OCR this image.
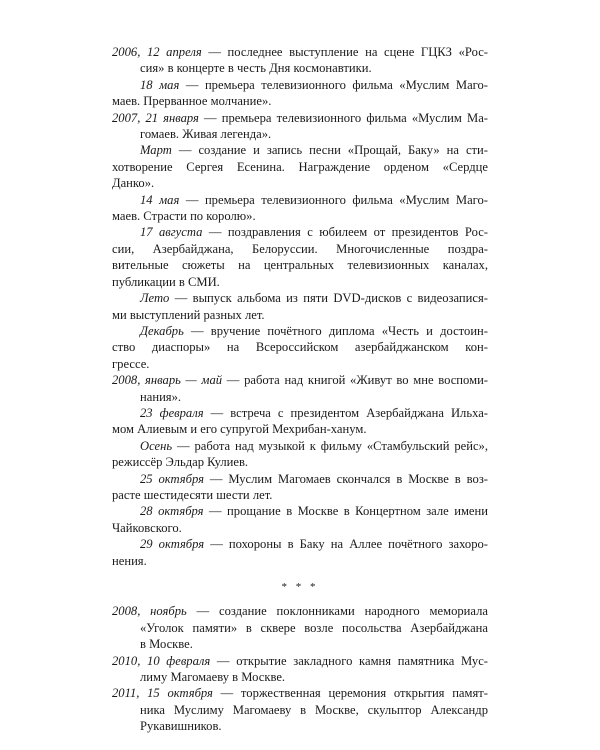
2006, 12 апреля — последнее выступление на сцене ГЦКЗ «Рос-
сия» в концерте в честь Дня космонавтики.
18 мая — премьера телевизионного фильма «Муслим Маго-
маев. Прерванное молчание».
2007, 21 января — премьера телевизионного фильма «Муслим Ма-
гомаев. Живая легенда».
Март — создание и запись песни «Прощай, Баку» на сти-
хотворение Сергея Есенина. Награждение орденом «Сердце
Данко».
14 мая — премьера телевизионного фильма «Муслим Маго-
маев. Страсти по королю».
17 августа — поздравления с юбилеем от президентов Рос-
сии, Азербайджана, Белоруссии. Многочисленные поздра-
вительные сюжеты на центральных телевизионных каналах,
публикации в СМИ.
Лето — выпуск альбома из пяти DVD-дисков с видеозапися-
ми выступлений разных лет.
Декабрь — вручение почётного диплома «Честь и достоин-
ство диаспоры» на Всероссийском азербайджанском кон-
грессе.
2008, январь — май — работа над книгой «Живут во мне воспоми-
нания».
23 февраля — встреча с президентом Азербайджана Ильха-
мом Алиевым и его супругой Мехрибан-ханум.
Осень — работа над музыкой к фильму «Стамбульский рейс»,
режиссёр Эльдар Кулиев.
25 октября — Муслим Магомаев скончался в Москве в воз-
расте шестидесяти шести лет.
28 октября — прощание в Москве в Концертном зале имени
Чайковского.
29 октября — похороны в Баку на Аллее почётного захоро-
нения.
* * *
2008, ноябрь — создание поклонниками народного мемориала
«Уголок памяти» в сквере возле посольства Азербайджана
в Москве.
2010, 10 февраля — открытие закладного камня памятника Мус-
лиму Магомаеву в Москве.
2011, 15 октября — торжественная церемония открытия памят-
ника Муслиму Магомаеву в Москве, скульптор Александр
Рукавишников.
